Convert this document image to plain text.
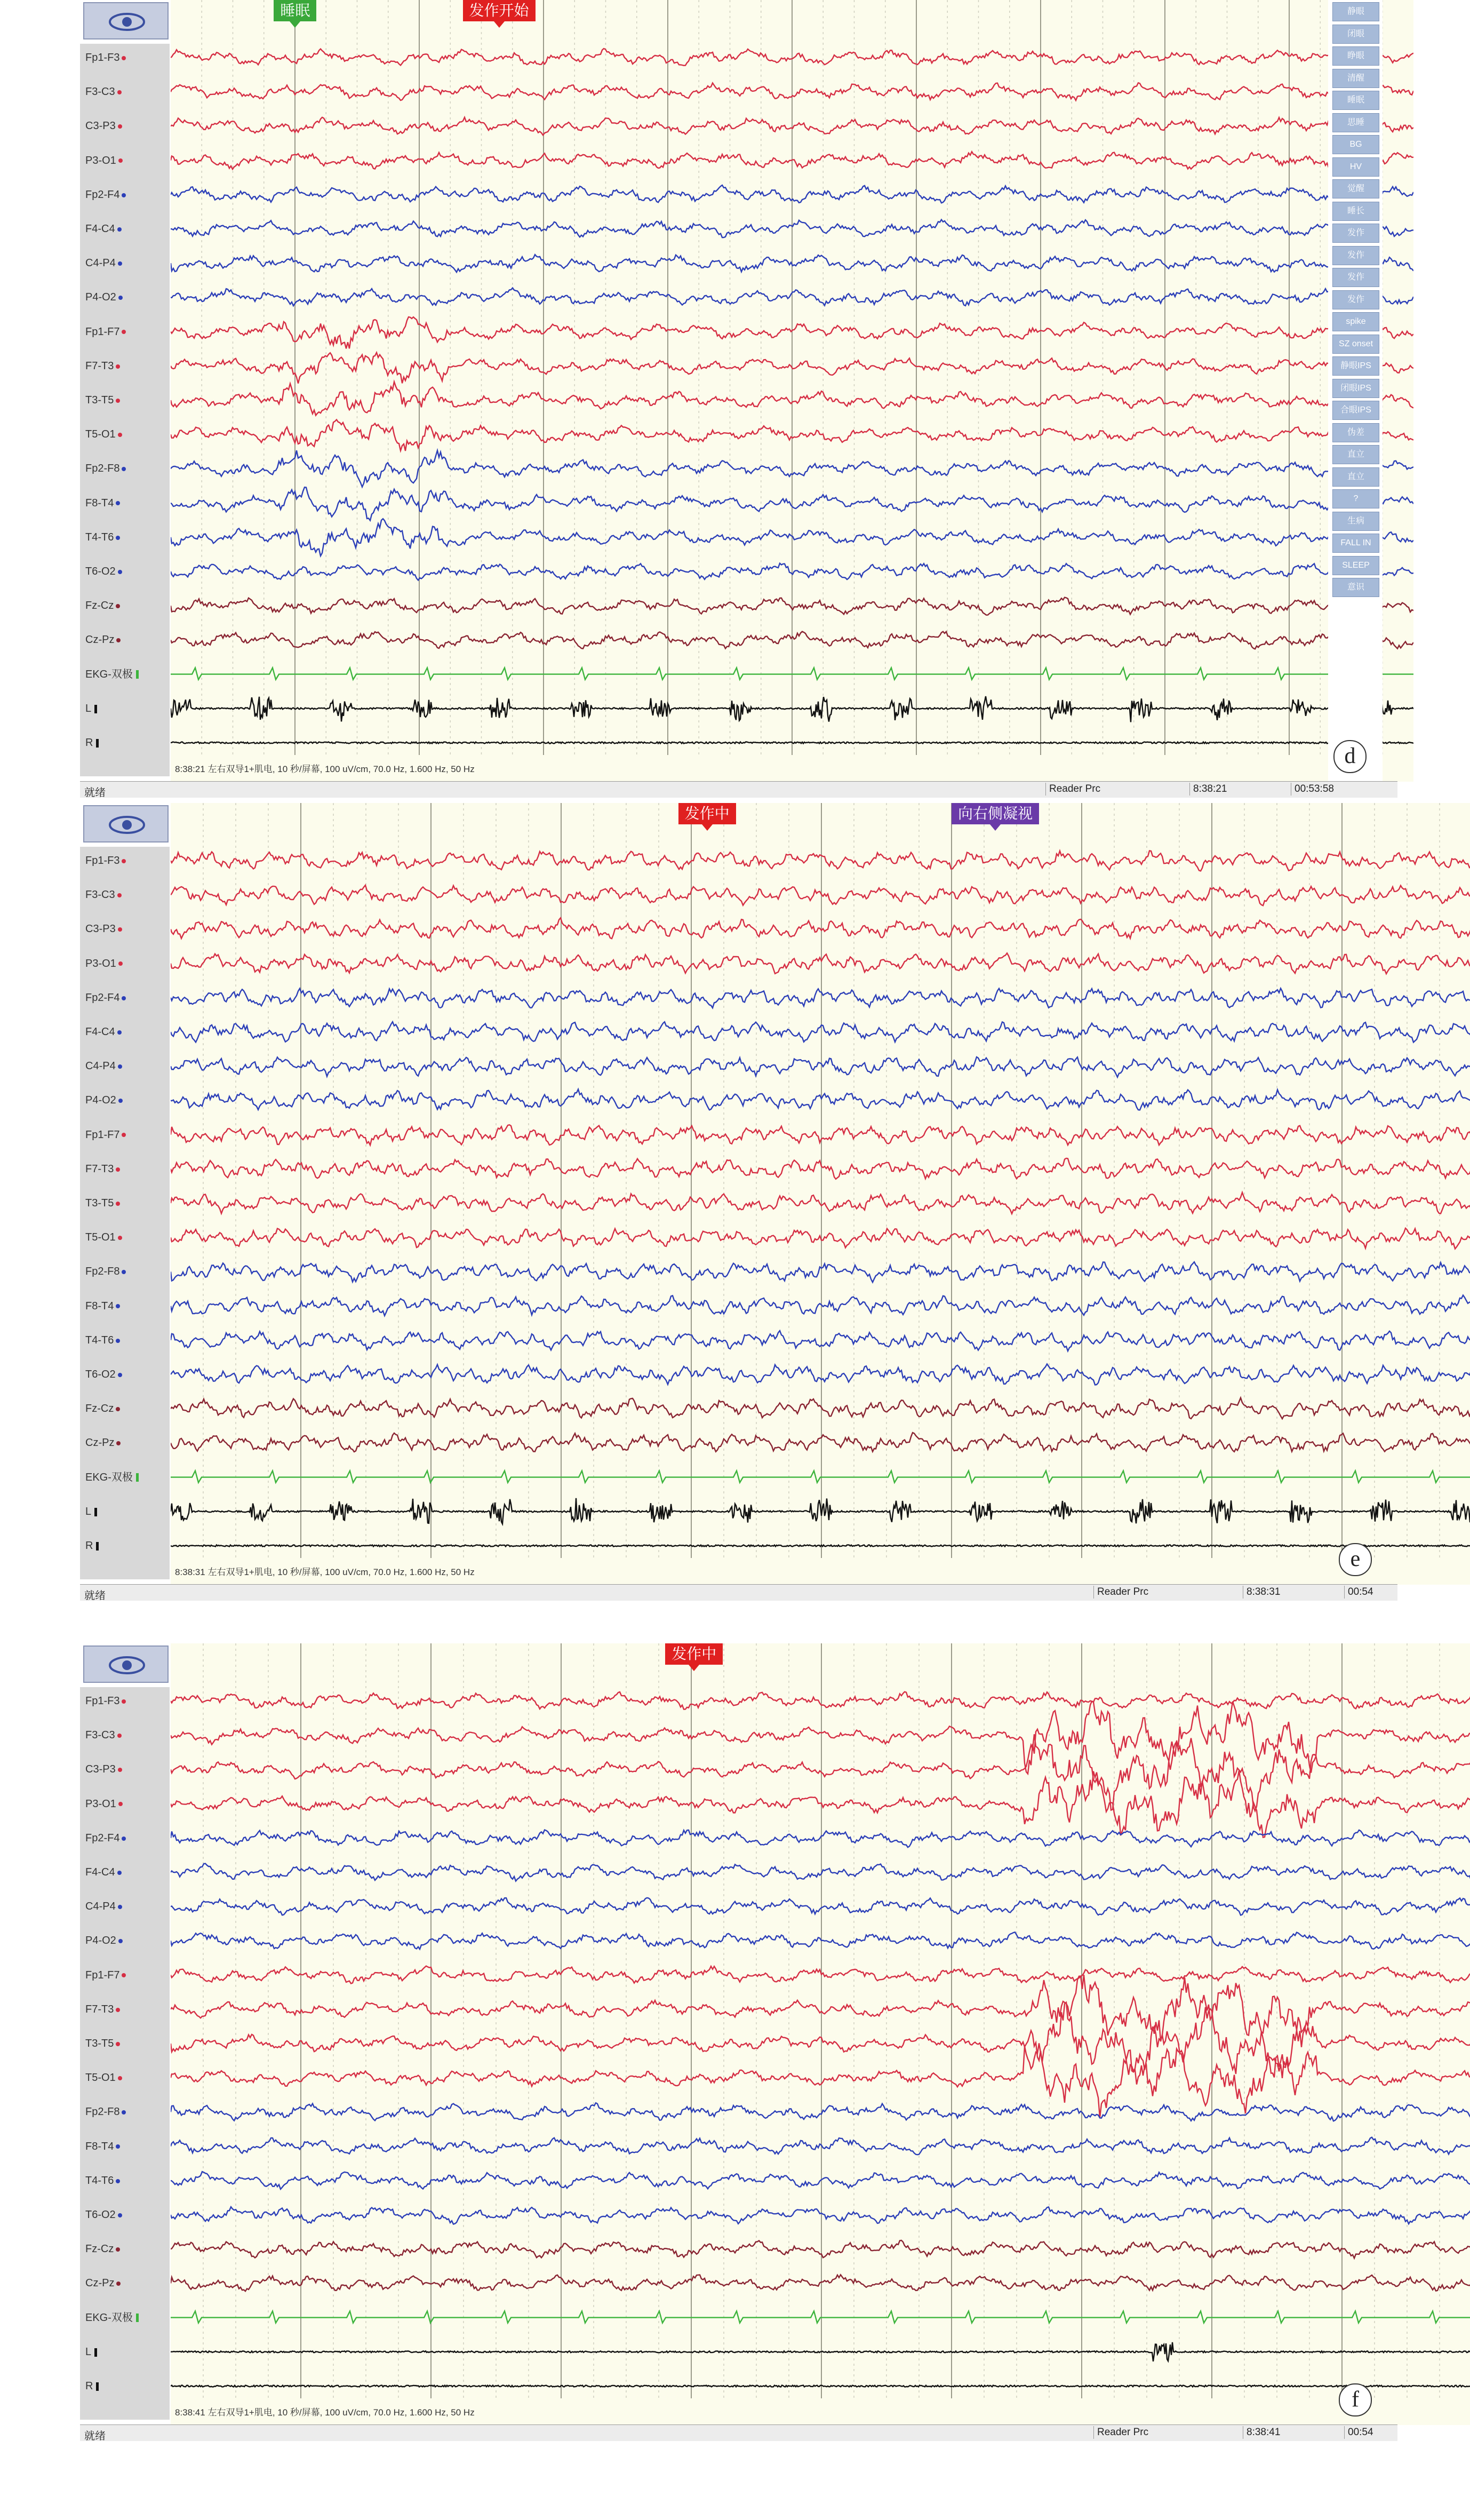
Fp1-F3
F3-C3
C3-P3
P3-O1
Fp2-F4
F4-C4
C4-P4
P4-O2
Fp1-F7
F7-T3
T3-T5
T5-O1
Fp2-F8
F8-T4
T4-T6
T6-O2
Fz-Cz
Cz-Pz
EKG-双极
L
R
睡眠	发作开始	静眼
闭眼
睁眼
清醒
睡眠
思睡
BG
HV
觉醒
睡长
发作
发作
发作
发作
spike
SZ onset
静眼IPS
闭眼IPS
合眼IPS
伪差
直立
直立
?
生病
FALL IN
SLEEP
意识
8:38:21 左右双导1+肌电, 10 秒/屏幕, 100 uV/cm, 70.0 Hz, 1.600 Hz, 50 Hz
d
就绪	Reader Prc	8:38:21	00:53:58
Fp1-F3
F3-C3
C3-P3
P3-O1
Fp2-F4
F4-C4
C4-P4
P4-O2
Fp1-F7
F7-T3
T3-T5
T5-O1
Fp2-F8
F8-T4
T4-T6
T6-O2
Fz-Cz
Cz-Pz
EKG-双极
L
R
发作中	向右侧凝视
8:38:31 左右双导1+肌电, 10 秒/屏幕, 100 uV/cm, 70.0 Hz, 1.600 Hz, 50 Hz
e
就绪	Reader Prc	8:38:31	00:54
Fp1-F3
F3-C3
C3-P3
P3-O1
Fp2-F4
F4-C4
C4-P4
P4-O2
Fp1-F7
F7-T3
T3-T5
T5-O1
Fp2-F8
F8-T4
T4-T6
T6-O2
Fz-Cz
Cz-Pz
EKG-双极
L
R
发作中
8:38:41 左右双导1+肌电, 10 秒/屏幕, 100 uV/cm, 70.0 Hz, 1.600 Hz, 50 Hz
f
就绪	Reader Prc	8:38:41	00:54
